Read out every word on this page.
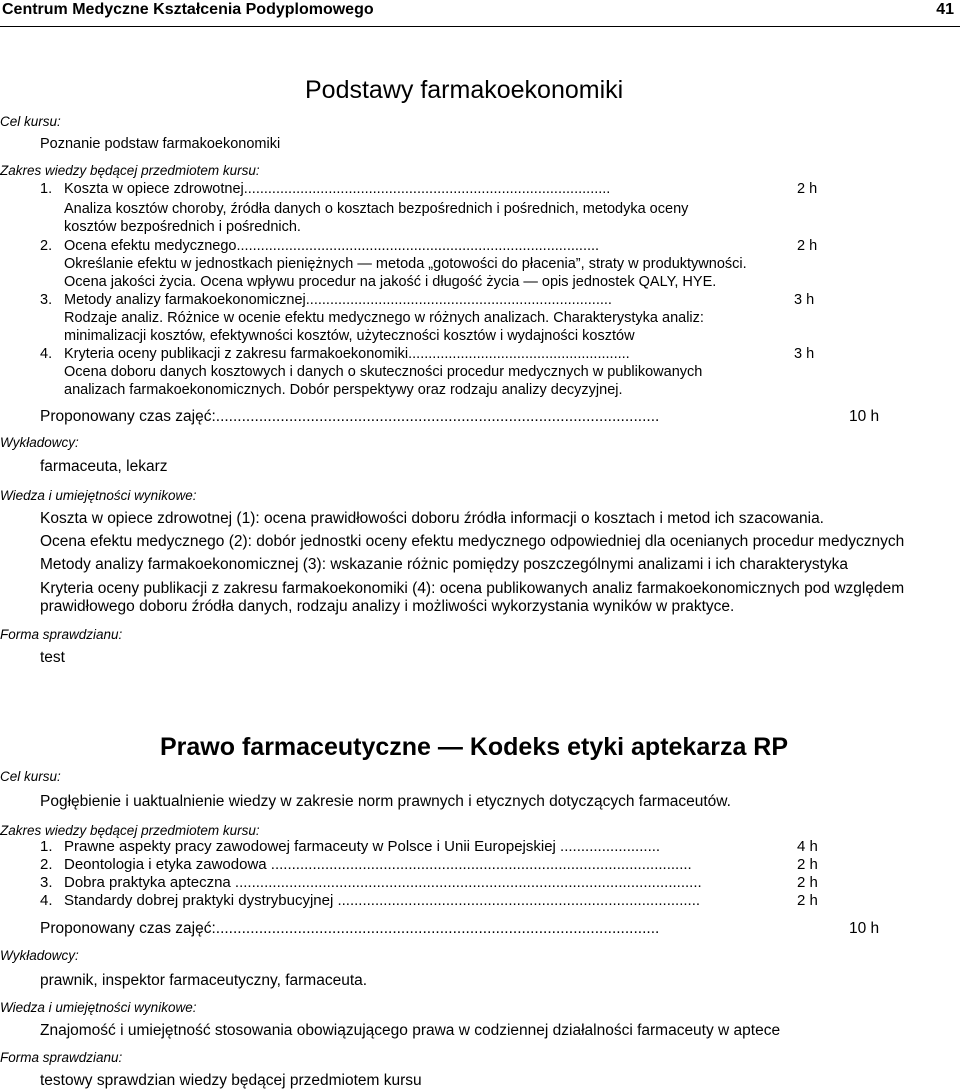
Centrum Medyczne Kształcenia Podyplomowego	41
Podstawy farmakoekonomiki
Cel kursu:
Poznanie podstaw farmakoekonomiki
Zakres wiedzy będącej przedmiotem kursu:
1. Koszta w opiece zdrowotnej...........................................................................................	2 h
Analiza kosztów choroby, źródła danych o kosztach bezpośrednich i pośrednich, metodyka oceny
kosztów bezpośrednich i pośrednich.
2. Ocena efektu medycznego..........................................................................................	2 h
Określanie efektu w jednostkach pieniężnych — metoda „gotowości do płacenia”, straty w produktywności.
Ocena jakości życia. Ocena wpływu procedur na jakość i długość życia — opis jednostek QALY, HYE.
3. Metody analizy farmakoekonomicznej............................................................................	3 h
Rodzaje analiz. Różnice w ocenie efektu medycznego w różnych analizach. Charakterystyka analiz:
minimalizacji kosztów, efektywności kosztów, użyteczności kosztów i wydajności kosztów
4. Kryteria oceny publikacji z zakresu farmakoekonomiki.......................................................	3 h
Ocena doboru danych kosztowych i danych o skuteczności procedur medycznych w publikowanych
analizach farmakoekonomicznych. Dobór perspektywy oraz rodzaju analizy decyzyjnej.
Proponowany czas zajęć:.......................................................................................................	10 h
Wykładowcy:
farmaceuta, lekarz
Wiedza i umiejętności wynikowe:
Koszta w opiece zdrowotnej (1): ocena prawidłowości doboru źródła informacji o kosztach i metod ich szacowania.
Ocena efektu medycznego (2): dobór jednostki oceny efektu medycznego odpowiedniej dla ocenianych procedur medycznych
Metody analizy farmakoekonomicznej (3): wskazanie różnic pomiędzy poszczególnymi analizami i ich charakterystyka
Kryteria oceny publikacji z zakresu farmakoekonomiki (4): ocena publikowanych analiz farmakoekonomicznych pod względem
prawidłowego doboru źródła danych, rodzaju analizy i możliwości wykorzystania wyników w praktyce.
Forma sprawdzianu:
test
Prawo farmaceutyczne — Kodeks etyki aptekarza RP
Cel kursu:
Pogłębienie i uaktualnienie wiedzy w zakresie norm prawnych i etycznych dotyczących farmaceutów.
Zakres wiedzy będącej przedmiotem kursu:
1. Prawne aspekty pracy zawodowej farmaceuty w Polsce i Unii Europejskiej ........................	4 h
2. Deontologia i etyka zawodowa .....................................................................................................	2 h
3. Dobra praktyka apteczna ................................................................................................................	2 h
4. Standardy dobrej praktyki dystrybucyjnej .......................................................................................	2 h
Proponowany czas zajęć:.......................................................................................................	10 h
Wykładowcy:
prawnik, inspektor farmaceutyczny, farmaceuta.
Wiedza i umiejętności wynikowe:
Znajomość i umiejętność stosowania obowiązującego prawa w codziennej działalności farmaceuty w aptece
Forma sprawdzianu:
testowy sprawdzian wiedzy będącej przedmiotem kursu
